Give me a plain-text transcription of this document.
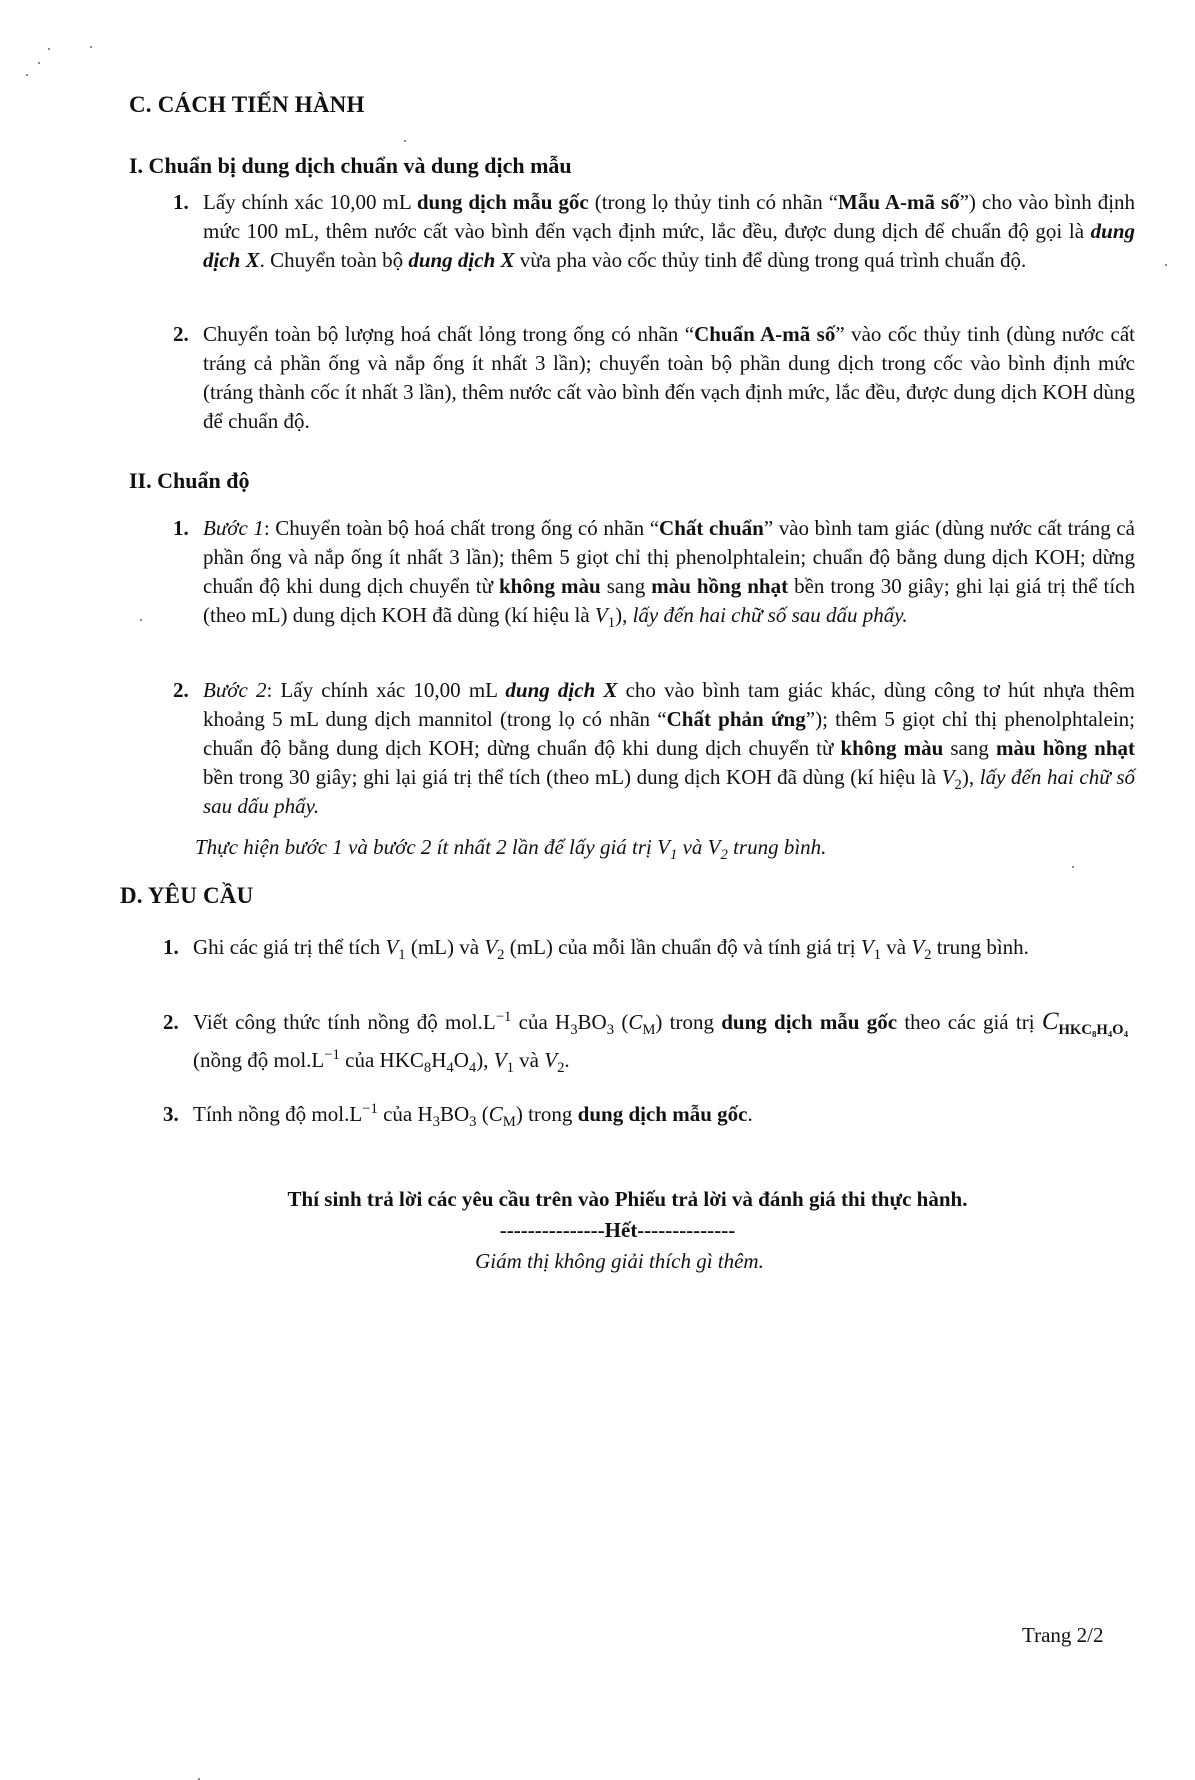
C. CÁCH TIẾN HÀNH
I. Chuẩn bị dung dịch chuẩn và dung dịch mẫu
1. Lấy chính xác 10,00 mL dung dịch mẫu gốc (trong lọ thủy tinh có nhãn “Mẫu A-mã số”) cho vào bình định mức 100 mL, thêm nước cất vào bình đến vạch định mức, lắc đều, được dung dịch để chuẩn độ gọi là dung dịch X. Chuyển toàn bộ dung dịch X vừa pha vào cốc thủy tinh để dùng trong quá trình chuẩn độ.

2. Chuyển toàn bộ lượng hoá chất lỏng trong ống có nhãn “Chuẩn A-mã số” vào cốc thủy tinh (dùng nước cất tráng cả phần ống và nắp ống ít nhất 3 lần); chuyển toàn bộ phần dung dịch trong cốc vào bình định mức (tráng thành cốc ít nhất 3 lần), thêm nước cất vào bình đến vạch định mức, lắc đều, được dung dịch KOH dùng để chuẩn độ.

II. Chuẩn độ
1. Bước 1: Chuyển toàn bộ hoá chất trong ống có nhãn “Chất chuẩn” vào bình tam giác (dùng nước cất tráng cả phần ống và nắp ống ít nhất 3 lần); thêm 5 giọt chỉ thị phenolphtalein; chuẩn độ bằng dung dịch KOH; dừng chuẩn độ khi dung dịch chuyển từ không màu sang màu hồng nhạt bền trong 30 giây; ghi lại giá trị thể tích (theo mL) dung dịch KOH đã dùng (kí hiệu là $V_1$), lấy đến hai chữ số sau dấu phẩy.

2. Bước 2: Lấy chính xác 10,00 mL dung dịch X cho vào bình tam giác khác, dùng công tơ hút nhựa thêm khoảng 5 mL dung dịch mannitol (trong lọ có nhãn “Chất phản ứng”); thêm 5 giọt chỉ thị phenolphtalein; chuẩn độ bằng dung dịch KOH; dừng chuẩn độ khi dung dịch chuyển từ không màu sang màu hồng nhạt bền trong 30 giây; ghi lại giá trị thể tích (theo mL) dung dịch KOH đã dùng (kí hiệu là $V_2$), lấy đến hai chữ số sau dấu phẩy.

Thực hiện bước 1 và bước 2 ít nhất 2 lần để lấy giá trị $V_1$ và $V_2$ trung bình.
D. YÊU CẦU
1. Ghi các giá trị thể tích $V_1$ (mL) và $V_2$ (mL) của mỗi lần chuẩn độ và tính giá trị $V_1$ và $V_2$ trung bình.

2. Viết công thức tính nồng độ $mol.L^{-1}$ của $H_3BO_3$ $(C_M)$ trong dung dịch mẫu gốc theo các giá trị $C_{HKC_8H_4O_4}$ (nồng độ $mol.L^{-1}$ của $HKC_8H_4O_4$), $V_1$ và $V_2$.

3. Tính nồng độ $mol.L^{-1}$ của $H_3BO_3$ $(C_M)$ trong dung dịch mẫu gốc.

Thí sinh trả lời các yêu cầu trên vào Phiếu trả lời và đánh giá thi thực hành.
---------------Hết--------------
Giám thị không giải thích gì thêm.
Trang 2/2
